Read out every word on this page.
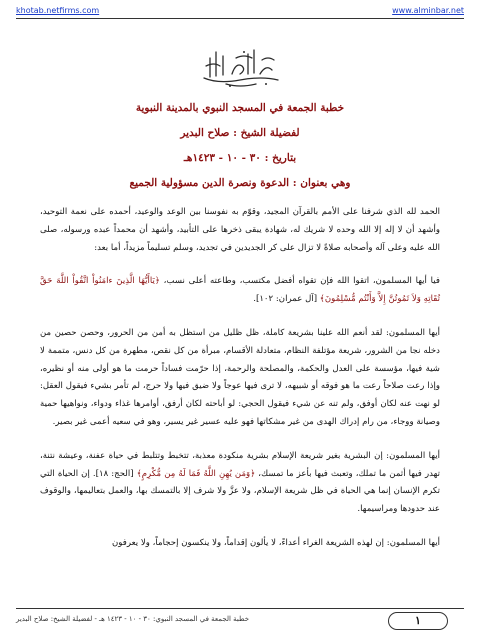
khotab.netfirms.com	www.alminbar.net
خطبة الجمعة في المسجد النبوي بالمدينة النبوية
لفضيلة الشيخ : صلاح البدير
بتاريخ : ٣٠ - ١٠ - ١٤٢٣هـ
وهي بعنوان : الدعوة ونصرة الدين مسؤولية الجميع

الحمد لله الذي شرفنا على الأمم بالقرآن المجيد، وقوّم به نفوسنا بين الوعد والوعيد، أحمده على نعمة التوحيد، وأشهد أن لا إله إلا الله وحده لا شريك له، شهادة يبقى ذخرها على التأبيد، وأشهد أن محمداً عبده ورسوله، صلى الله عليه وعلى آله وأصحابه صلاةً لا تزال على كر الجديدين في تجديد، وسلم تسليماً مزيداً، أما بعد:

فيا أيها المسلمون، اتقوا الله فإن تقواه أفضل مكتسب، وطاعته أعلى نسب، ﴿يَاأَيُّهَا الَّذِينَ ءامَنُواْ اتَّقُواْ اللَّهَ حَقَّ تُقَاتِهِ وَلاَ تَمُوتُنَّ إِلاَّ وَأَنْتُم مُّسْلِمُونَ﴾ [آل عمران: ١٠٢].

أيها المسلمون: لقد أنعم الله علينا بشريعة كاملة، ظل ظليل من استظل به أمن من الحرور، وحصن حصين من دخله نجا من الشرور، شريعة مؤتلفة النظام، متعادلة الأقسام، مبرأة من كل نقص، مطهرة من كل دنس، متممة لا شية فيها، مؤسسة على العدل والحكمة، والمصلحة والرحمة، إذا حرّمت فساداً حرمت ما هو أولى منه أو نظيره، وإذا رعت صلاحاً رعت ما هو فوقه أو شبيهه، لا ترى فيها عوجاً ولا ضيق فيها ولا حرج، لم تأمر بشيء فيقول العقل: لو نهت عنه لكان أوفق، ولم تنه عن شيء فيقول الحجي: لو أباحته لكان أرفق، أوامرها غذاء ودواء، ونواهيها حمية وصيانة ووجاء، من رام إدراك الهدى من غير مشكاتها فهو عليه عسير غير يسير، وهو في سعيه أعمى غير بصير.

أيها المسلمون: إن البشرية بغير شريعة الإسلام بشرية منكودة معذبة، تتخبط وتتلبط في حياة عفنة، وعيشة نتنة، تهدر فيها أثمن ما تملك، وتعبث فيها بأعز ما تمسك، ﴿وَمَن يُهِنِ اللَّهُ فَمَا لَهُ مِن مُّكْرِمٍ﴾ [الحج: ١٨]. إن الحياة التي تكرم الإنسان إنما هي الحياة في ظل شريعة الإسلام، ولا عزَّ ولا شرف إلا بالتمسك بها، والعمل بتعاليمها، والوقوف عند حدودها ومراسيمها.

أيها المسلمون: إن لهذه الشريعة الغراء أعداءً، لا يألون إقداماً، ولا ينكسون إحجاماً، ولا يعرفون

١
خطبة الجمعة في المسجد النبوي: ٣٠ - ١٠ - ١٤٢٣ هـ - لفضيلة الشيخ: صلاح البدير
